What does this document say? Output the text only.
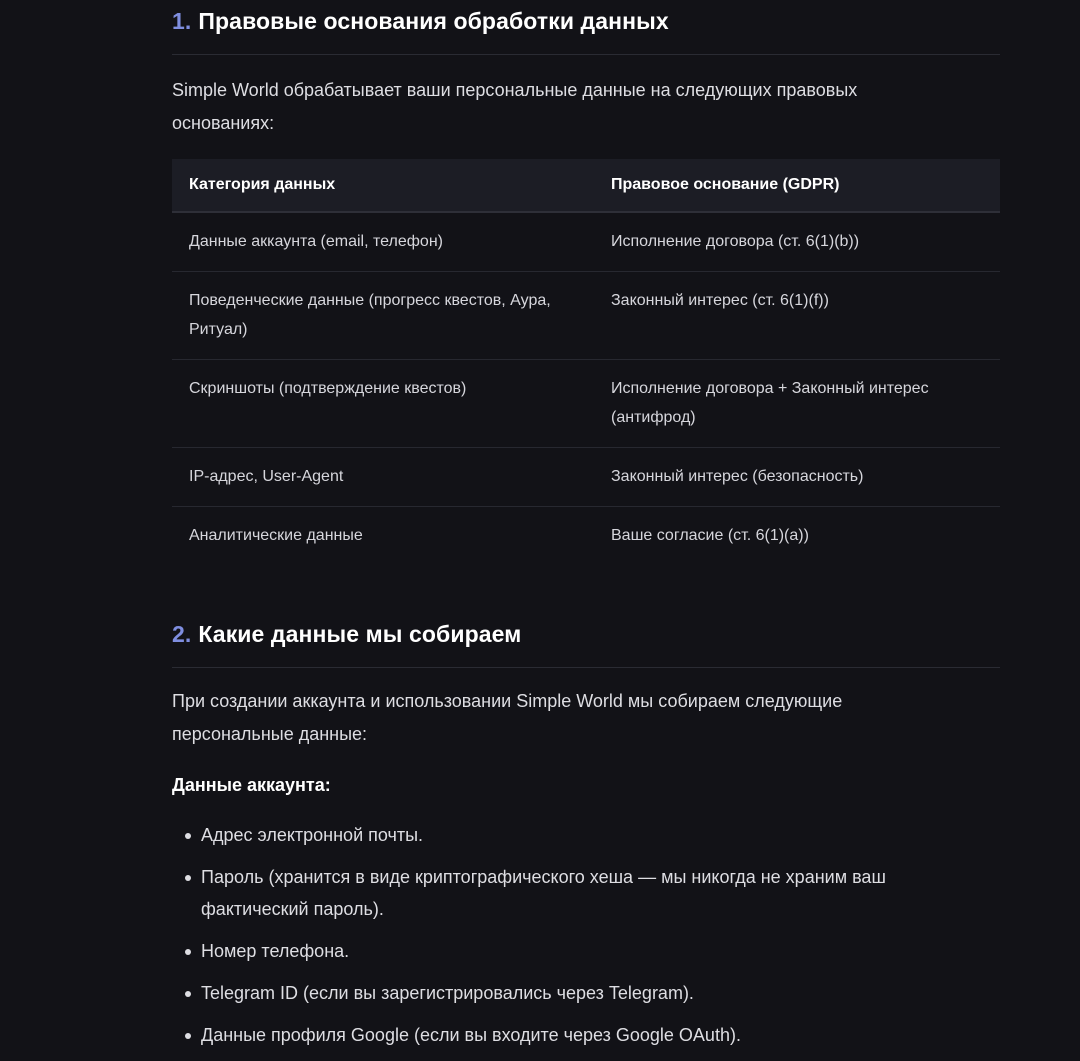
1. Правовые основания обработки данных

Simple World обрабатывает ваши персональные данные на следующих правовых основаниях:

Категория данных	Правовое основание (GDPR)
Данные аккаунта (email, телефон)	Исполнение договора (ст. 6(1)(b))
Поведенческие данные (прогресс квестов, Аура, Ритуал)	Законный интерес (ст. 6(1)(f))
Скриншоты (подтверждение квестов)	Исполнение договора + Законный интерес (антифрод)
IP-адрес, User-Agent	Законный интерес (безопасность)
Аналитические данные	Ваше согласие (ст. 6(1)(a))
2. Какие данные мы собираем

При создании аккаунта и использовании Simple World мы собираем следующие персональные данные:

Данные аккаунта:

Адрес электронной почты.
Пароль (хранится в виде криптографического хеша — мы никогда не храним ваш фактический пароль).
Номер телефона.
Telegram ID (если вы зарегистрировались через Telegram).
Данные профиля Google (если вы входите через Google OAuth).
